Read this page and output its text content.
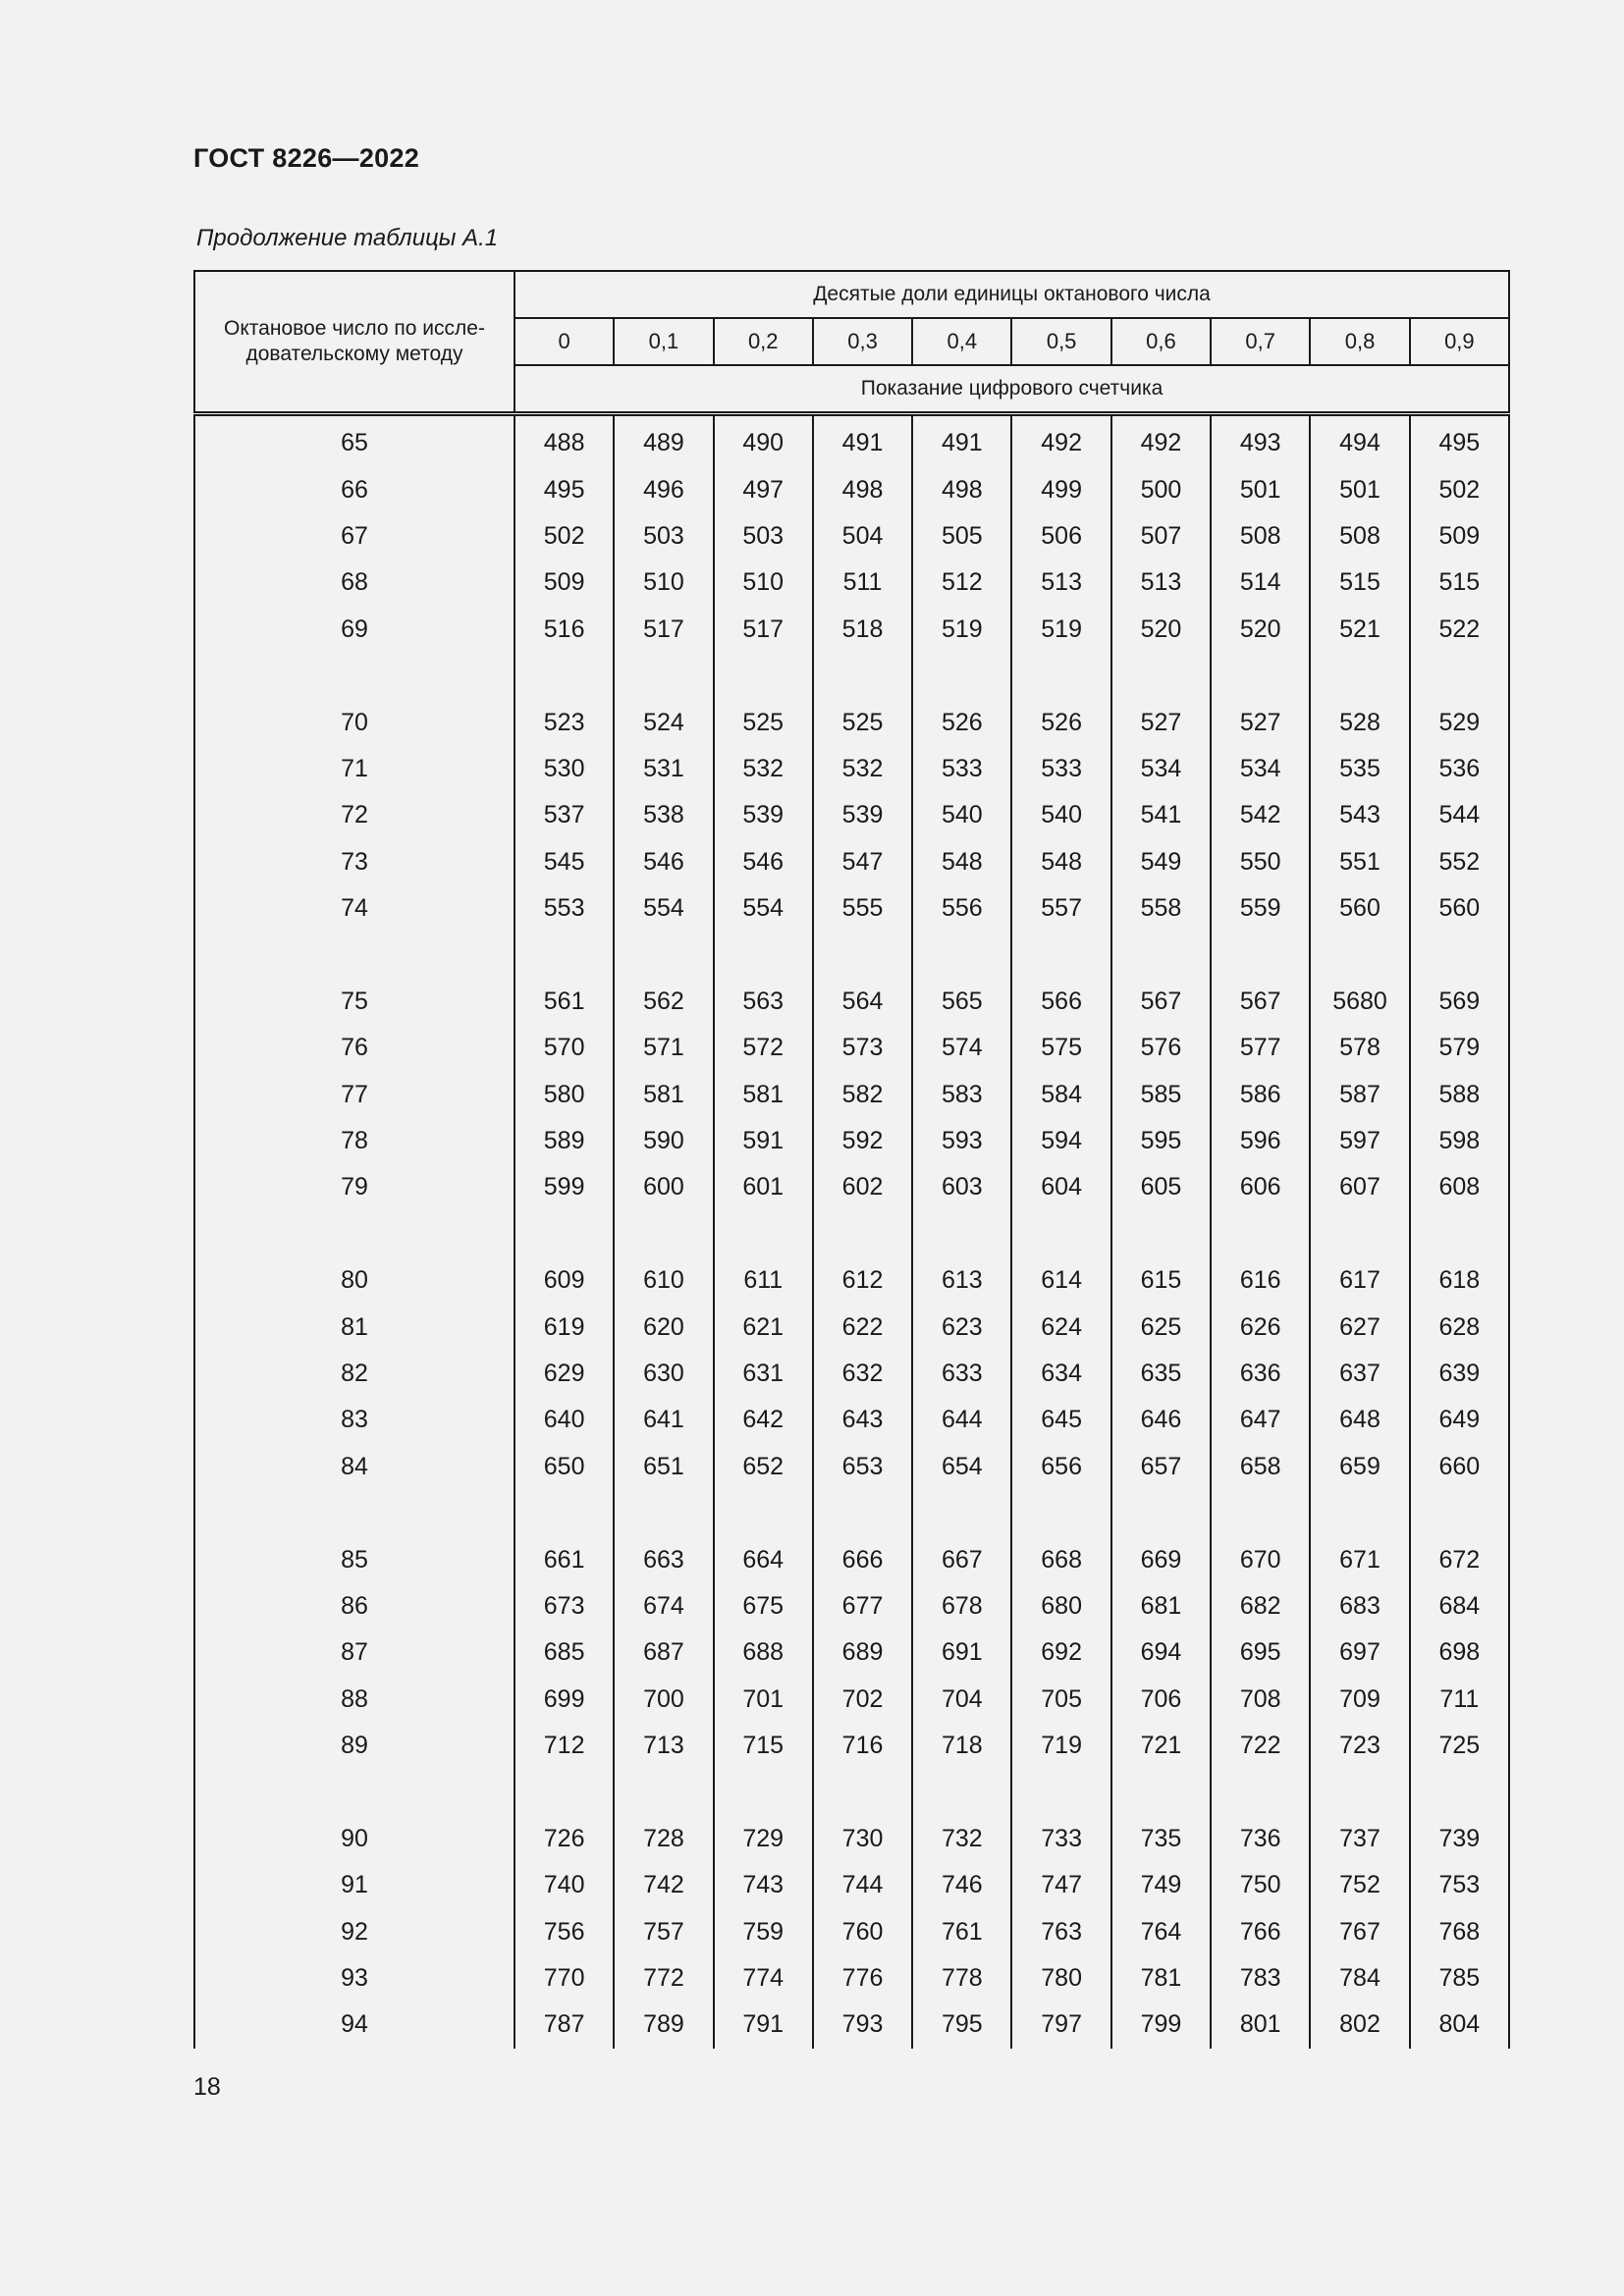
ГОСТ 8226—2022
Продолжение таблицы А.1
Октановое число по иссле-довательскому методу	Десятые доли единицы октанового числа									
	0	0,1	0,2	0,3	0,4	0,5	0,6	0,7	0,8	0,9
	Показание цифрового счетчика									
65	488	489	490	491	491	492	492	493	494	495
66	495	496	497	498	498	499	500	501	501	502
67	502	503	503	504	505	506	507	508	508	509
68	509	510	510	511	512	513	513	514	515	515
69	516	517	517	518	519	519	520	520	521	522

70	523	524	525	525	526	526	527	527	528	529
71	530	531	532	532	533	533	534	534	535	536
72	537	538	539	539	540	540	541	542	543	544
73	545	546	546	547	548	548	549	550	551	552
74	553	554	554	555	556	557	558	559	560	560

75	561	562	563	564	565	566	567	567	5680	569
76	570	571	572	573	574	575	576	577	578	579
77	580	581	581	582	583	584	585	586	587	588
78	589	590	591	592	593	594	595	596	597	598
79	599	600	601	602	603	604	605	606	607	608

80	609	610	611	612	613	614	615	616	617	618
81	619	620	621	622	623	624	625	626	627	628
82	629	630	631	632	633	634	635	636	637	639
83	640	641	642	643	644	645	646	647	648	649
84	650	651	652	653	654	656	657	658	659	660

85	661	663	664	666	667	668	669	670	671	672
86	673	674	675	677	678	680	681	682	683	684
87	685	687	688	689	691	692	694	695	697	698
88	699	700	701	702	704	705	706	708	709	711
89	712	713	715	716	718	719	721	722	723	725

90	726	728	729	730	732	733	735	736	737	739
91	740	742	743	744	746	747	749	750	752	753
92	756	757	759	760	761	763	764	766	767	768
93	770	772	774	776	778	780	781	783	784	785
94	787	789	791	793	795	797	799	801	802	804
18
